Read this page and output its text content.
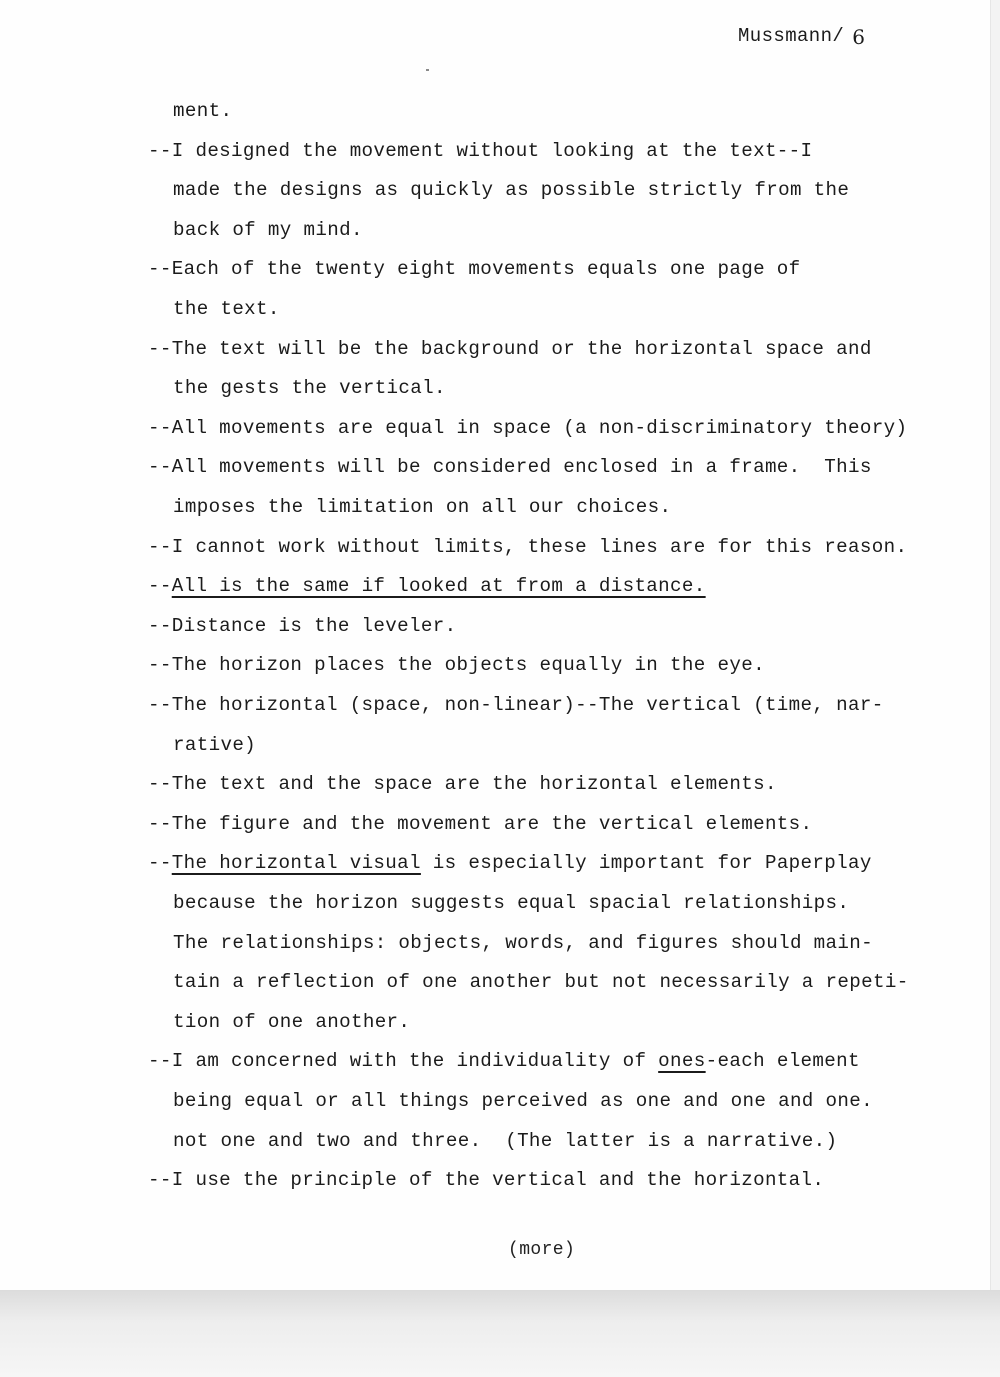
Mussmann/ 6
ment.
--I designed the movement without looking at the text--I
made the designs as quickly as possible strictly from the
back of my mind.
--Each of the twenty eight movements equals one page of
the text.
--The text will be the background or the horizontal space and
the gests the vertical.
--All movements are equal in space (a non-discriminatory theory)
--All movements will be considered enclosed in a frame.  This
imposes the limitation on all our choices.
--I cannot work without limits, these lines are for this reason.
--All is the same if looked at from a distance.
--Distance is the leveler.
--The horizon places the objects equally in the eye.
--The horizontal (space, non-linear)--The vertical (time, nar-
rative)
--The text and the space are the horizontal elements.
--The figure and the movement are the vertical elements.
--The horizontal visual is especially important for Paperplay
because the horizon suggests equal spacial relationships.
The relationships: objects, words, and figures should main-
tain a reflection of one another but not necessarily a repeti-
tion of one another.
--I am concerned with the individuality of ones-each element
being equal or all things perceived as one and one and one.
not one and two and three.  (The latter is a narrative.)
--I use the principle of the vertical and the horizontal.
(more)
